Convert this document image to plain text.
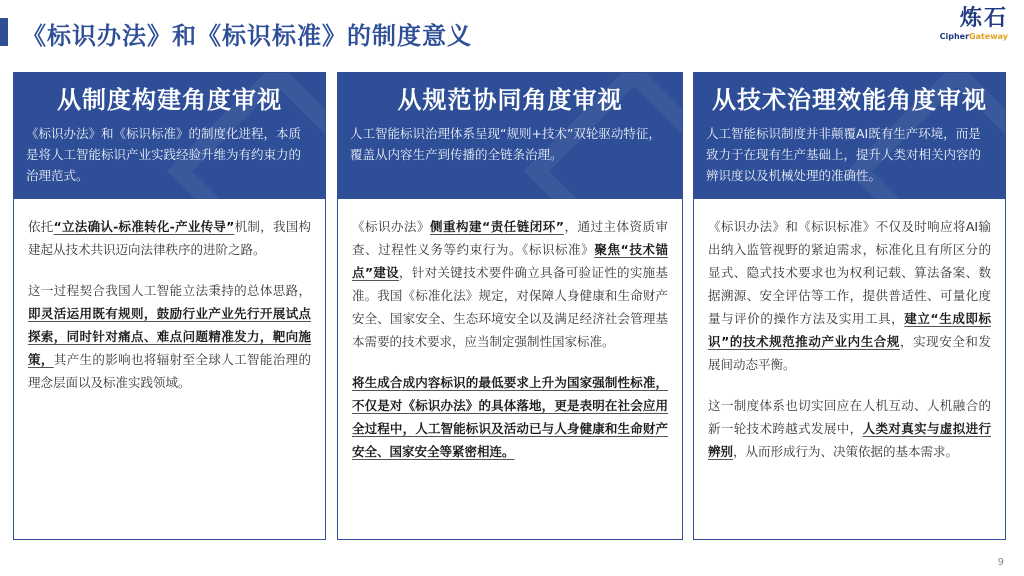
《标识办法》和《标识标准》的制度意义
炼石
CipherGateway
从制度构建角度审视
《标识办法》和《标识标准》的制度化进程，本质是将人工智能标识产业实践经验升维为有约束力的治理范式。

依托“立法确认-标准转化-产业传导”机制，我国构建起从技术共识迈向法律秩序的进阶之路。

这一过程契合我国人工智能立法秉持的总体思路，即灵活运用既有规则，鼓励行业产业先行开展试点探索，同时针对痛点、难点问题精准发力，靶向施策，其产生的影响也将辐射至全球人工智能治理的理念层面以及标准实践领域。

从规范协同角度审视
人工智能标识治理体系呈现“规则+技术”双轮驱动特征，覆盖从内容生产到传播的全链条治理。

《标识办法》侧重构建“责任链闭环”，通过主体资质审查、过程性义务等约束行为。《标识标准》聚焦“技术锚点”建设，针对关键技术要件确立具备可验证性的实施基准。我国《标准化法》规定，对保障人身健康和生命财产安全、国家安全、生态环境安全以及满足经济社会管理基本需要的技术要求，应当制定强制性国家标准。

将生成合成内容标识的最低要求上升为国家强制性标准，不仅是对《标识办法》的具体落地，更是表明在社会应用全过程中，人工智能标识及活动已与人身健康和生命财产安全、国家安全等紧密相连。

从技术治理效能角度审视
人工智能标识制度并非颠覆AI既有生产环境，而是致力于在现有生产基础上，提升人类对相关内容的辨识度以及机械处理的准确性。

《标识办法》和《标识标准》不仅及时响应将AI输出纳入监管视野的紧迫需求，标准化且有所区分的显式、隐式技术要求也为权利记载、算法备案、数据溯源、安全评估等工作，提供普适性、可量化度量与评价的操作方法及实用工具，建立“生成即标识”的技术规范推动产业内生合规，实现安全和发展间动态平衡。

这一制度体系也切实回应在人机互动、人机融合的新一轮技术跨越式发展中，人类对真实与虚拟进行辨别，从而形成行为、决策依据的基本需求。

9
